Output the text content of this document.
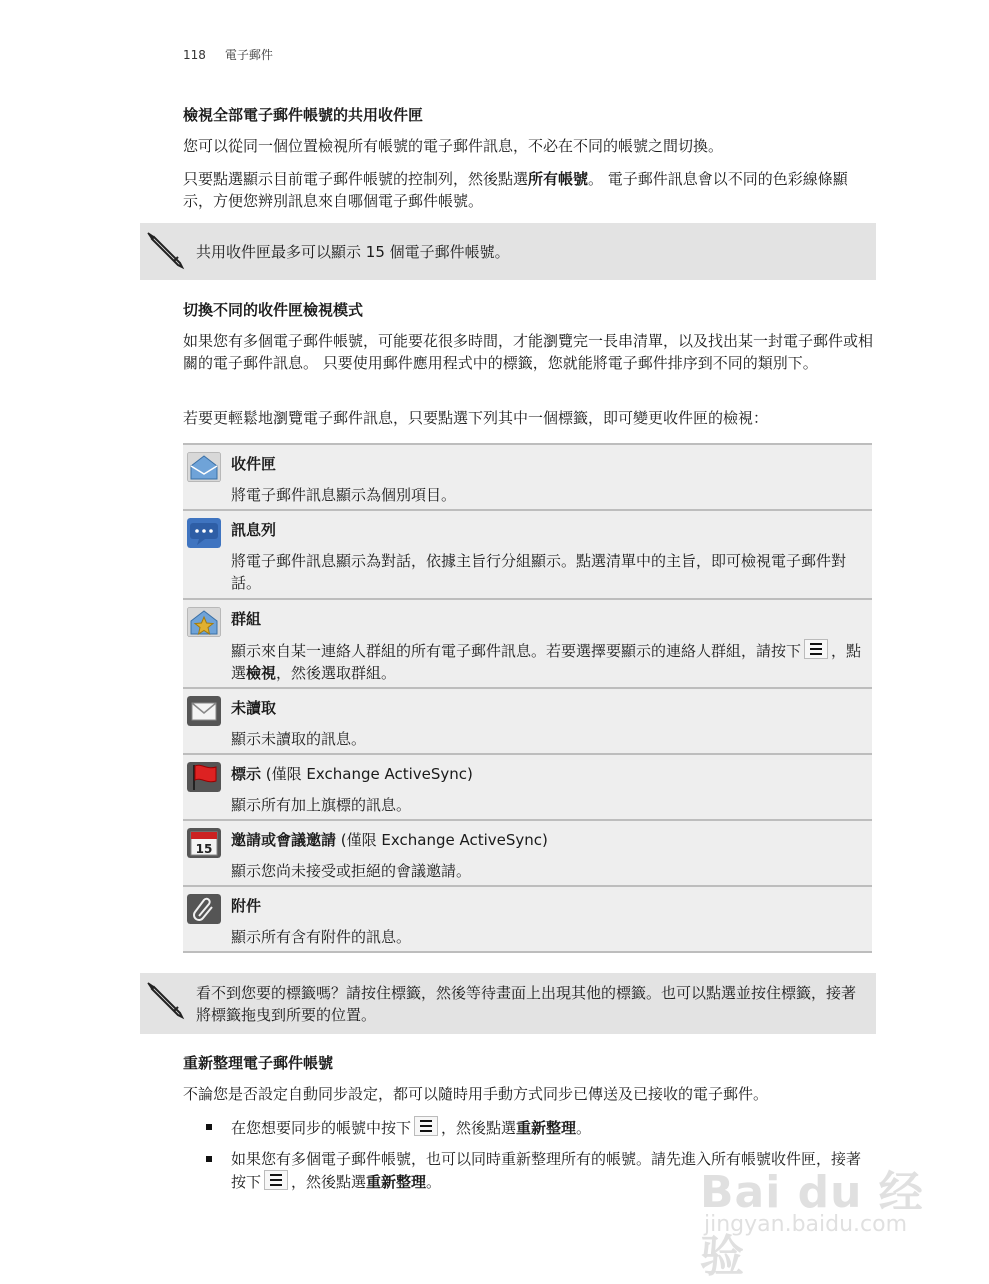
118 電子郵件
檢視全部電子郵件帳號的共用收件匣
您可以從同一個位置檢視所有帳號的電子郵件訊息，不必在不同的帳號之間切換。
只要點選顯示目前電子郵件帳號的控制列，然後點選所有帳號。 電子郵件訊息會以不同的色彩線條顯示，方便您辨別訊息來自哪個電子郵件帳號。
共用收件匣最多可以顯示 15 個電子郵件帳號。
切換不同的收件匣檢視模式
如果您有多個電子郵件帳號，可能要花很多時間，才能瀏覽完一長串清單，以及找出某一封電子郵件或相關的電子郵件訊息。 只要使用郵件應用程式中的標籤，您就能將電子郵件排序到不同的類別下。
若要更輕鬆地瀏覽電子郵件訊息，只要點選下列其中一個標籤，即可變更收件匣的檢視：
收件匣
將電子郵件訊息顯示為個別項目。
訊息列
將電子郵件訊息顯示為對話，依據主旨行分組顯示。點選清單中的主旨，即可檢視電子郵件對話。
群組
顯示來自某一連絡人群組的所有電子郵件訊息。若要選擇要顯示的連絡人群組，請按下 ，點選檢視，然後選取群組。
未讀取
顯示未讀取的訊息。
標示 (僅限 Exchange ActiveSync)
顯示所有加上旗標的訊息。
15 邀請或會議邀請 (僅限 Exchange ActiveSync)
顯示您尚未接受或拒絕的會議邀請。
附件
顯示所有含有附件的訊息。
看不到您要的標籤嗎？請按住標籤，然後等待畫面上出現其他的標籤。也可以點選並按住標籤，接著將標籤拖曳到所要的位置。
重新整理電子郵件帳號
不論您是否設定自動同步設定，都可以隨時用手動方式同步已傳送及已接收的電子郵件。
在您想要同步的帳號中按下 ，然後點選重新整理。
如果您有多個電子郵件帳號，也可以同時重新整理所有的帳號。請先進入所有帳號收件匣，接著按下 ，然後點選重新整理。	Bai du 经验
jingyan.baidu.com
